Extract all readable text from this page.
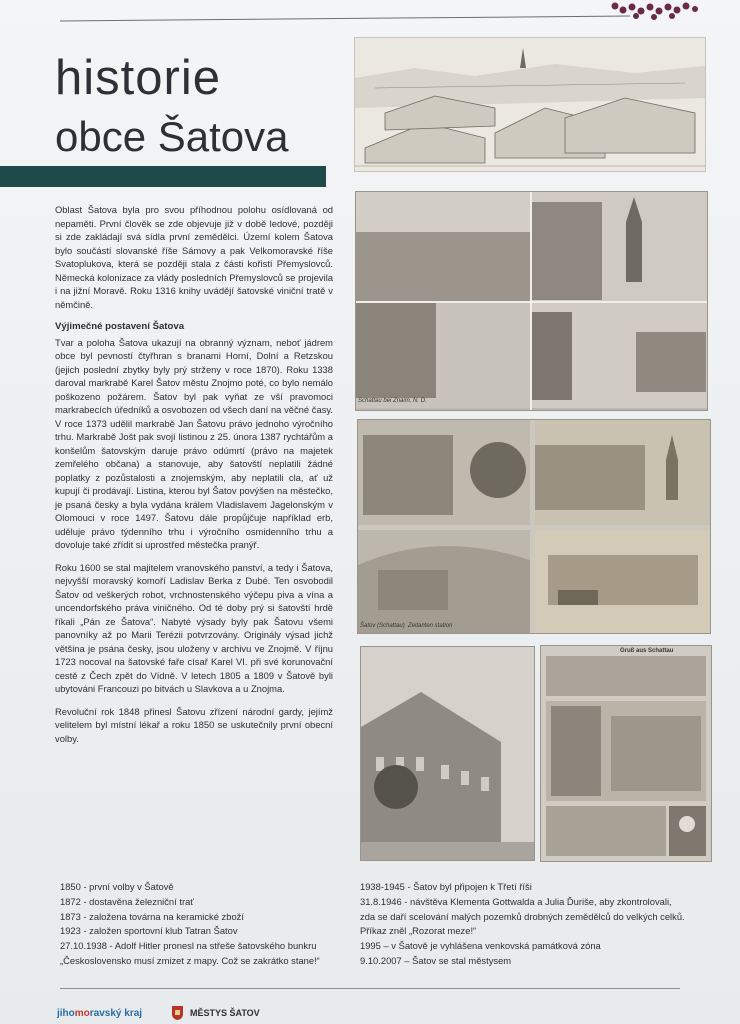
historie
obce Šatova

Oblast Šatova byla pro svou příhodnou polohu osídlovaná od nepaměti. První člověk se zde objevuje již v době ledové, později si zde zakládají svá sídla první zemědělci. Území kolem Šatova bylo součástí slovanské říše Sámovy a pak Velkomoravské říše Svatoplukova, která se později stala z části kořistí Přemyslovců. Německá kolonizace za vlády posledních Přemyslovců se projevila i na jižní Moravě. Roku 1316 knihy uvádějí šatovské viniční tratě v němčině.

Výjimečné postavení Šatova

Tvar a poloha Šatova ukazují na obranný význam, neboť jádrem obce byl pevností čtyřhran s branami Horní, Dolní a Retzskou (jejich poslední zbytky byly prý strženy v roce 1870). Roku 1338 daroval markrabě Karel Šatov městu Znojmo poté, co bylo nemálo poškozeno požárem. Šatov byl pak vyňat ze vší pravomoci markrabecích úředníků a osvobozen od všech daní na věčné časy. V roce 1373 udělil markrabě Jan Šatovu právo jednoho výročního trhu. Markrabě Jošt pak svojí listinou z 25. února 1387 rychtářům a konšelům šatovským daruje právo odúmrtí (právo na majetek zemřelého občana) a stanovuje, aby šatovští neplatili žádné poplatky z pozůstalosti a znojemským, aby neplatili cla, ať už kupují či prodávají. Listina, kterou byl Šatov povýšen na městečko, je psaná česky a byla vydána králem Vladislavem Jagelonským v Olomouci v roce 1497. Šatovu dále propůjčuje například erb, uděluje právo týdenního trhu i výročního osmidenního trhu a dovoluje také zřídit si uprostřed městečka pranýř.

Roku 1600 se stal majitelem vranovského panství, a tedy i Šatova, nejvyšší moravský komoří Ladislav Berka z Dubé. Ten osvobodil Šatov od veškerých robot, vrchnostenského výčepu piva a vína a uncendorfského práva viničného. Od té doby prý si šatovští hrdě říkali „Pán ze Šatova“. Nabyté výsady byly pak Šatovu všemi panovníky až po Marii Terézii potvrzovány. Originály výsad jichž většina je psána česky, jsou uloženy v archivu ve Znojmě. V říjnu 1723 nocoval na šatovské faře císař Karel VI. při své korunovační cestě z Čech zpět do Vídně. V letech 1805 a 1809 v Šatově byli ubytováni Francouzi po bitvách u Slavkova a u Znojma.

Revoluční rok 1848 přinesl Šatovu zřízení národní gardy, jejímž velitelem byl místní lékař a roku 1850 se uskutečnily první obecní volby.

Schattau bei Znaim, N. D.
Šatov (Schattau) Zeitanten station
Gruß aus Schattau
1850 - první volby v Šatově
1872 - dostavěna železniční trať
1873 - založena továrna na keramické zboží
1923 - založen sportovní klub Tatran Šatov
27.10.1938 - Adolf Hitler pronesl na střeše šatovského bunkru
„Československo musí zmizet z mapy. Což se zakrátko stane!“
1938-1945 - Šatov byl připojen k Třetí říši
31.8.1946 - návštěva Klementa Gottwalda a Julia Ďuriše, aby zkontrolovali,
zda se daří scelování malých pozemků drobných zemědělců do velkých celků.
Příkaz zněl „Rozorat meze!“
1995 – v Šatově je vyhlášena venkovská památková zóna
9.10.2007 – Šatov se stal městysem
jihomoravský kraj	MĚSTYS ŠATOV
